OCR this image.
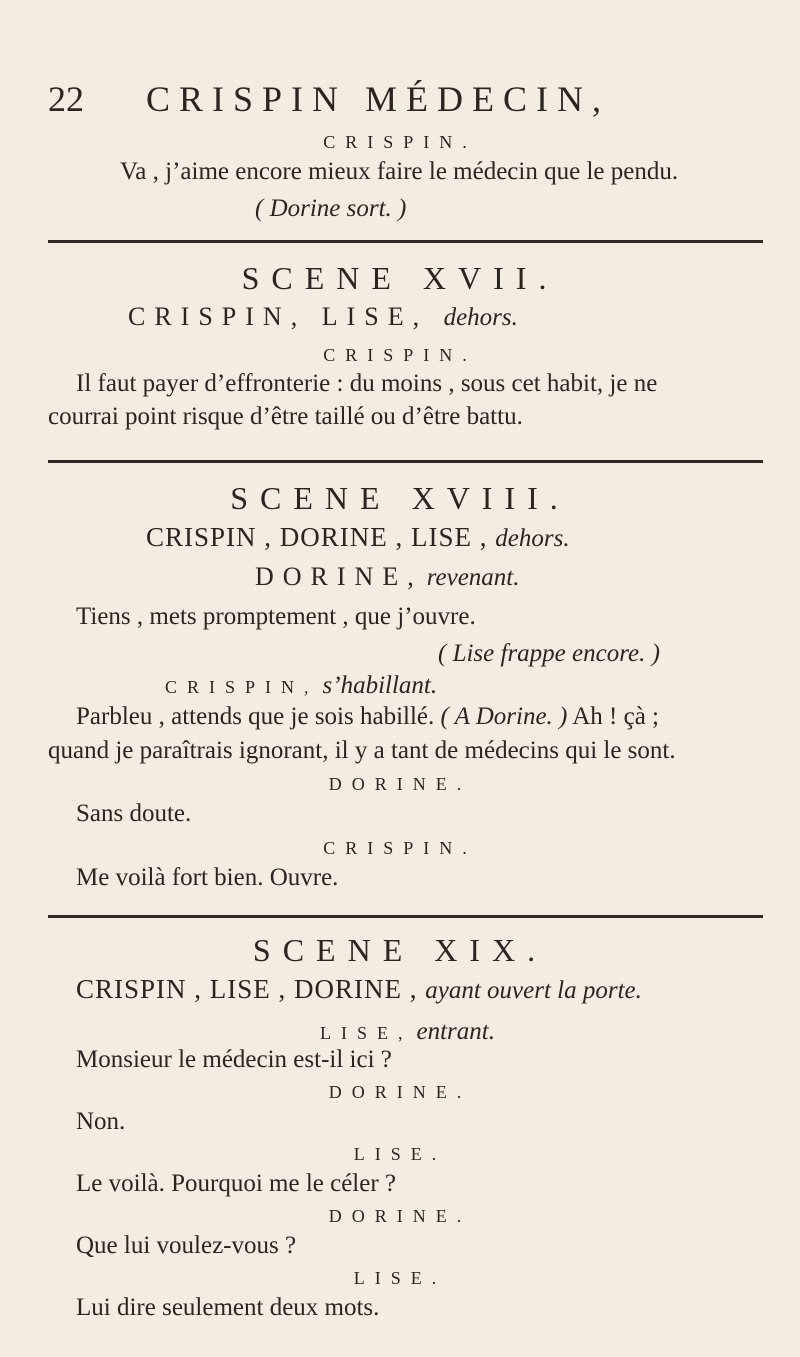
22 CRISPIN MÉDECIN,
CRISPIN.
Va , j’aime encore mieux faire le médecin que le pendu.
( Dorine sort. )
SCENE XVII.
CRISPIN, LISE, dehors.
CRISPIN.
Il faut payer d’effronterie : du moins , sous cet habit, je ne
courrai point risque d’être taillé ou d’être battu.
SCENE XVIII.
CRISPIN , DORINE , LISE , dehors.
DORINE, revenant.
Tiens , mets promptement , que j’ouvre.
( Lise frappe encore. )
CRISPIN, s’habillant.
Parbleu , attends que je sois habillé. ( A Dorine. ) Ah ! çà ;
quand je paraîtrais ignorant, il y a tant de médecins qui le sont.
DORINE.
Sans doute.
CRISPIN.
Me voilà fort bien. Ouvre.
SCENE XIX.
CRISPIN , LISE , DORINE , ayant ouvert la porte.
LISE, entrant.
Monsieur le médecin est-il ici ?
DORINE.
Non.
LISE.
Le voilà. Pourquoi me le céler ?
DORINE.
Que lui voulez-vous ?
LISE.
Lui dire seulement deux mots.
